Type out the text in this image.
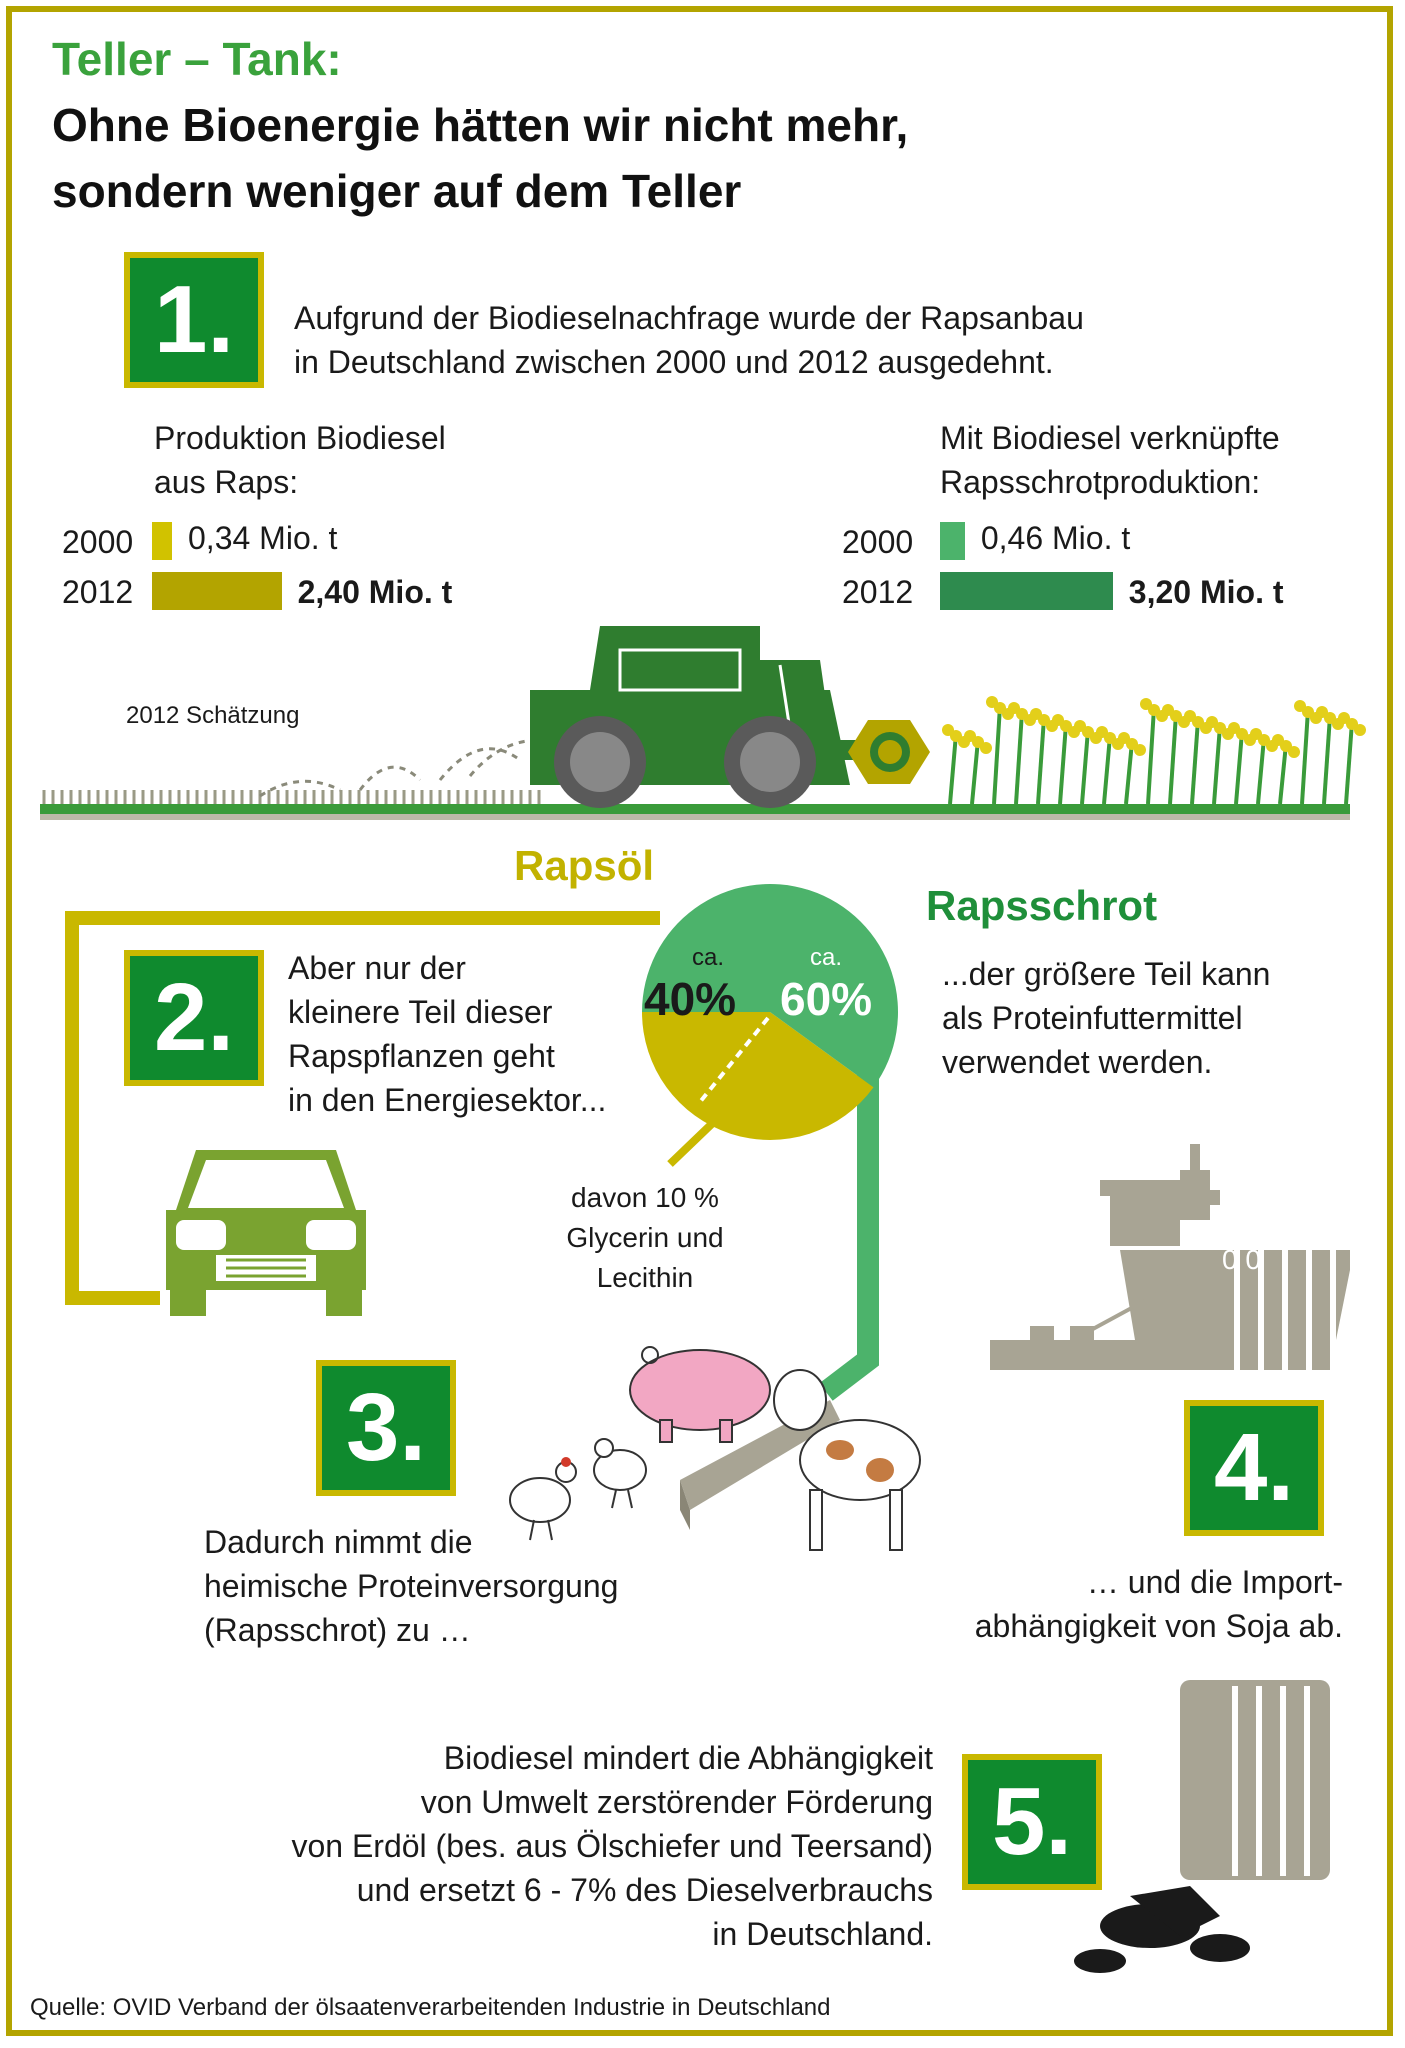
Teller – Tank:
Ohne Bioenergie hätten wir nicht mehr,
sondern weniger auf dem Teller
1.	Aufgrund der Biodieselnachfrage wurde der Rapsanbau
in Deutschland zwischen 2000 und 2012 ausgedehnt.
Produktion Biodiesel
aus Raps:
2000 0,34 Mio. t
2012	2,40 Mio. t
Mit Biodiesel verknüpfte
Rapsschrotproduktion:
2000 0,46 Mio. t
2012	3,20 Mio. t
2012 Schätzung
Rapsöl
Rapsschrot
ca.
40%
ca.
60%
davon 10 %
Glycerin und
Lecithin
2.	Aber nur der
kleinere Teil dieser
Rapspflanzen geht
in den Energiesektor...
...der größere Teil kann
als Proteinfuttermittel
verwendet werden.
0 0
3.
Dadurch nimmt die
heimische Proteinversorgung
(Rapsschrot) zu …
4.
… und die Import-
abhängigkeit von Soja ab.
5.
Biodiesel mindert die Abhängigkeit
von Umwelt zerstörender Förderung
von Erdöl (bes. aus Ölschiefer und Teersand)
und ersetzt 6 - 7% des Dieselverbrauchs
in Deutschland.
Quelle: OVID Verband der ölsaatenverarbeitenden Industrie in Deutschland
